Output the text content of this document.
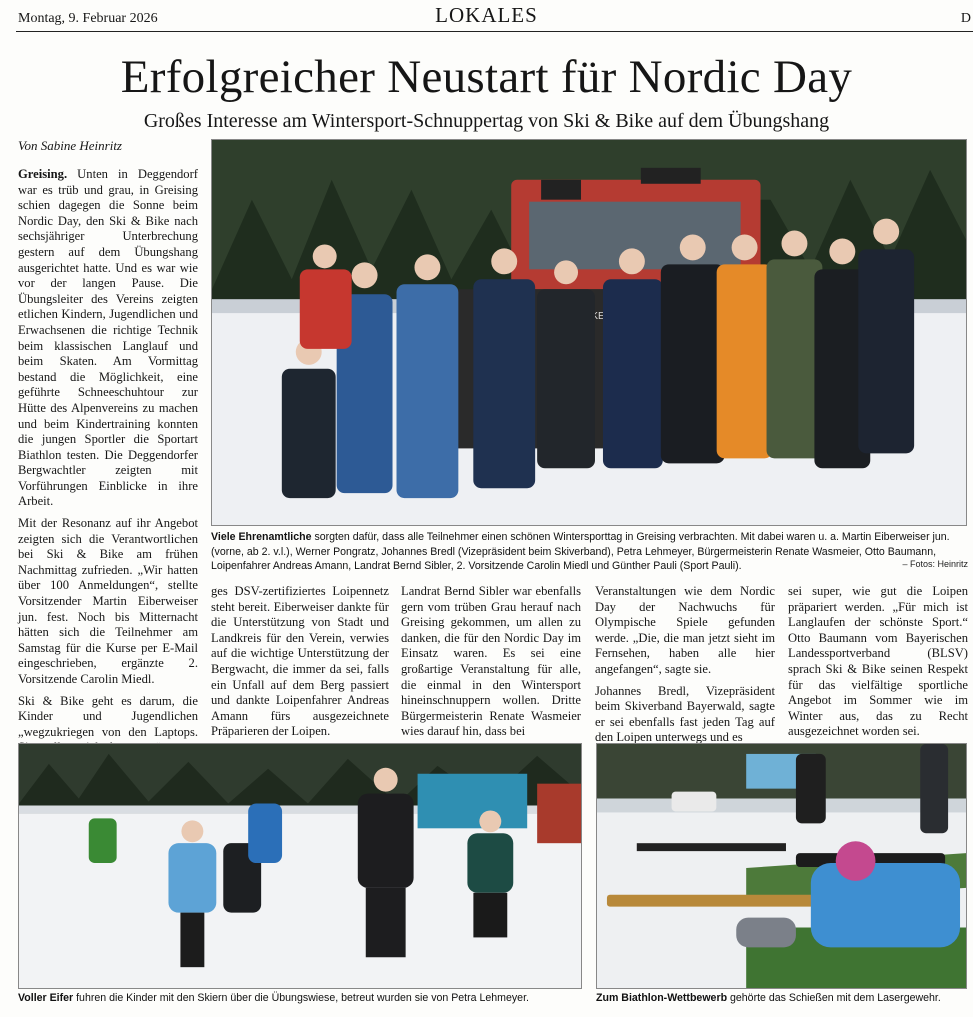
Montag, 9. Februar 2026	LOKALES	D
Erfolgreicher Neustart für Nordic Day
Großes Interesse am Wintersport-Schnuppertag von Ski & Bike auf dem Übungshang
Von Sabine Heinritz

Greising. Unten in Deggendorf war es trüb und grau, in Greising schien dagegen die Sonne beim Nordic Day, den Ski & Bike nach sechsjähriger Unterbrechung gestern auf dem Übungshang ausgerichtet hatte. Und es war wie vor der langen Pause. Die Übungsleiter des Vereins zeigten etlichen Kindern, Jugendlichen und Erwachsenen die richtige Technik beim klassischen Langlauf und beim Skaten. Am Vormittag bestand die Möglichkeit, eine geführte Schneeschuhtour zur Hütte des Alpenvereins zu machen und beim Kindertraining konnten die jungen Sportler die Sportart Biathlon testen. Die Deggendorfer Bergwachtler zeigten mit Vorführungen Einblicke in ihre Arbeit.

Mit der Resonanz auf ihr Angebot zeigten sich die Verantwortlichen bei Ski & Bike am frühen Nachmittag zufrieden. „Wir hatten über 100 Anmeldungen“, stellte Vorsitzender Martin Eiberweiser jun. fest. Noch bis Mitternacht hätten sich die Teilnehmer am Samstag für die Kurse per E-Mail eingeschrieben, ergänzte 2. Vorsitzende Carolin Miedl.

Ski & Bike geht es darum, die Kinder und Jugendlichen „wegzukriegen von den Laptops.

Viele Ehrenamtliche sorgten dafür, dass alle Teilnehmer einen schönen Wintersporttag in Greising verbrachten. Mit dabei waren u. a. Martin Eiberweiser jun. (vorne, ab 2. v.l.), Werner Pongratz, Johannes Bredl (Vizepräsident beim Skiverband), Petra Lehmeyer, Bürgermeisterin Renate Wasmeier, Otto Baumann, Loipenfahrer Andreas Amann, Landrat Bernd Sibler, 2. Vorsitzende Carolin Miedl und Günther Pauli (Sport Pauli).	– Fotos: Heinritz

ges DSV-zertifiziertes Loipennetz steht bereit. Eiberweiser dankte für die Unterstützung von Stadt und Landkreis für den Verein, verwies auf die wichtige Unterstützung der Bergwacht, die immer da sei, falls ein Unfall auf dem Berg passiert und dankte Loipenfahrer Andreas Amann fürs ausgezeichnete Präparieren der Loipen.

Landrat Bernd Sibler war ebenfalls gern vom trüben Grau herauf nach Greising gekommen, um allen zu danken, die für den Nordic Day im Einsatz waren. Es sei eine großartige Veranstaltung für alle, die einmal in den Wintersport hineinschnuppern wollen. Dritte Bürgermeisterin Renate Wasmeier wies darauf hin, dass bei

Veranstaltungen wie dem Nordic Day der Nachwuchs für Olympische Spiele gefunden werde. „Die, die man jetzt sieht im Fernsehen, haben alle hier angefangen“, sagte sie.

Johannes Bredl, Vizepräsident beim Skiverband Bayerwald, sagte er sei ebenfalls fast jeden Tag auf den Loipen unterwegs und es

sei super, wie gut die Loipen präpariert werden. „Für mich ist Langlaufen der schönste Sport.“ Otto Baumann vom Bayerischen Landessportverband (BLSV) sprach Ski & Bike seinen Respekt für das vielfältige sportliche Angebot im Sommer wie im Winter aus, das zu Recht ausgezeichnet worden sei.

Voller Eifer fuhren die Kinder mit den Skiern über die Übungswiese, betreut wurden sie von Petra Lehmeyer.	Zum Biathlon-Wettbewerb gehörte das Schießen mit dem Lasergewehr.
